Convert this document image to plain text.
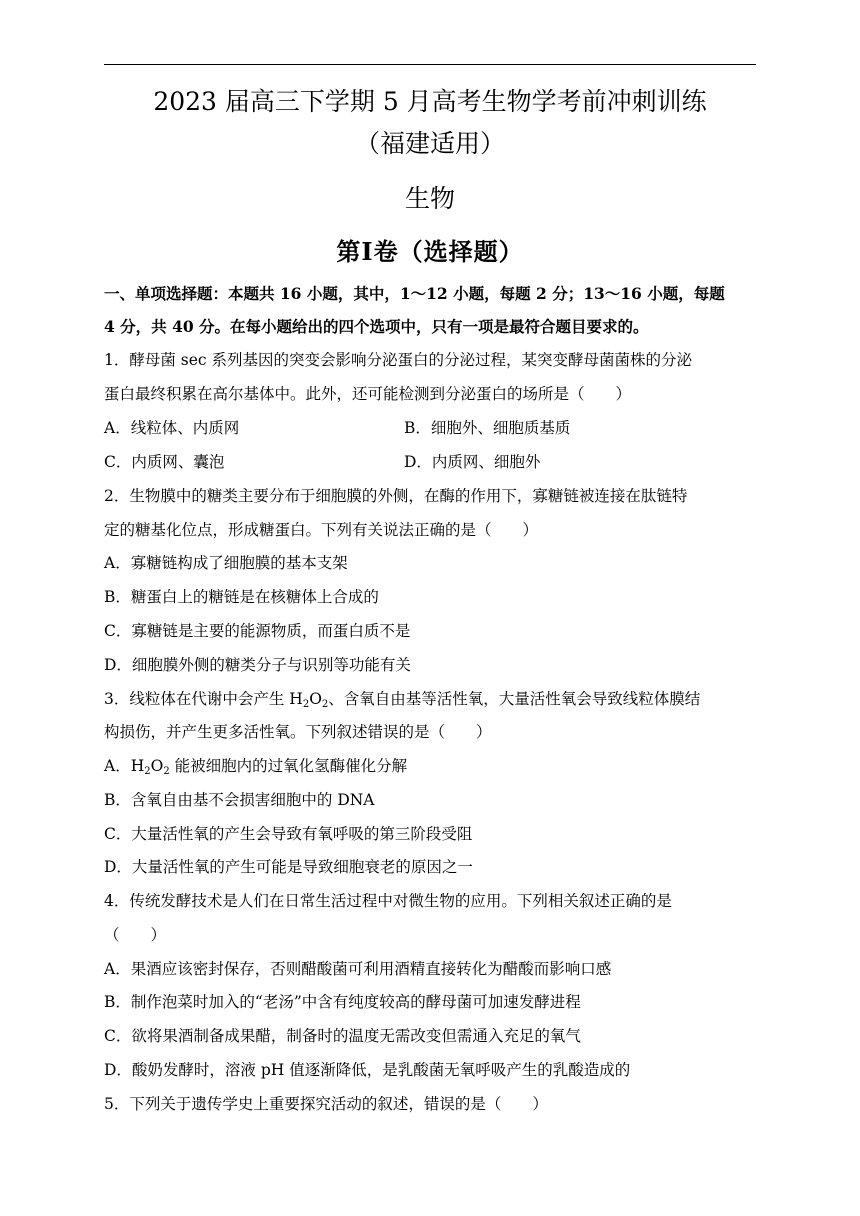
2023 届高三下学期 5 月高考生物学考前冲刺训练
（福建适用）
生物
第Ⅰ卷（选择题）
一、单项选择题：本题共 16 小题，其中，1～12 小题，每题 2 分；13～16 小题，每题
4 分，共 40 分。在每小题给出的四个选项中，只有一项是最符合题目要求的。
1．酵母菌 sec 系列基因的突变会影响分泌蛋白的分泌过程，某突变酵母菌菌株的分泌
蛋白最终积累在高尔基体中。此外，还可能检测到分泌蛋白的场所是（　　）
A．线粒体、内质网	B．细胞外、细胞质基质
C．内质网、囊泡	D．内质网、细胞外
2．生物膜中的糖类主要分布于细胞膜的外侧，在酶的作用下，寡糖链被连接在肽链特
定的糖基化位点，形成糖蛋白。下列有关说法正确的是（　　）
A．寡糖链构成了细胞膜的基本支架
B．糖蛋白上的糖链是在核糖体上合成的
C．寡糖链是主要的能源物质，而蛋白质不是
D．细胞膜外侧的糖类分子与识别等功能有关
3．线粒体在代谢中会产生 $H_2O_2$、含氧自由基等活性氧，大量活性氧会导致线粒体膜结
构损伤，并产生更多活性氧。下列叙述错误的是（　　）
A．$H_2O_2$ 能被细胞内的过氧化氢酶催化分解
B．含氧自由基不会损害细胞中的 DNA
C．大量活性氧的产生会导致有氧呼吸的第三阶段受阻
D．大量活性氧的产生可能是导致细胞衰老的原因之一
4．传统发酵技术是人们在日常生活过程中对微生物的应用。下列相关叙述正确的是
（　　）
A．果酒应该密封保存，否则醋酸菌可利用酒精直接转化为醋酸而影响口感
B．制作泡菜时加入的“老汤”中含有纯度较高的酵母菌可加速发酵进程
C．欲将果酒制备成果醋，制备时的温度无需改变但需通入充足的氧气
D．酸奶发酵时，溶液 pH 值逐渐降低，是乳酸菌无氧呼吸产生的乳酸造成的
5．下列关于遗传学史上重要探究活动的叙述，错误的是（　　）
